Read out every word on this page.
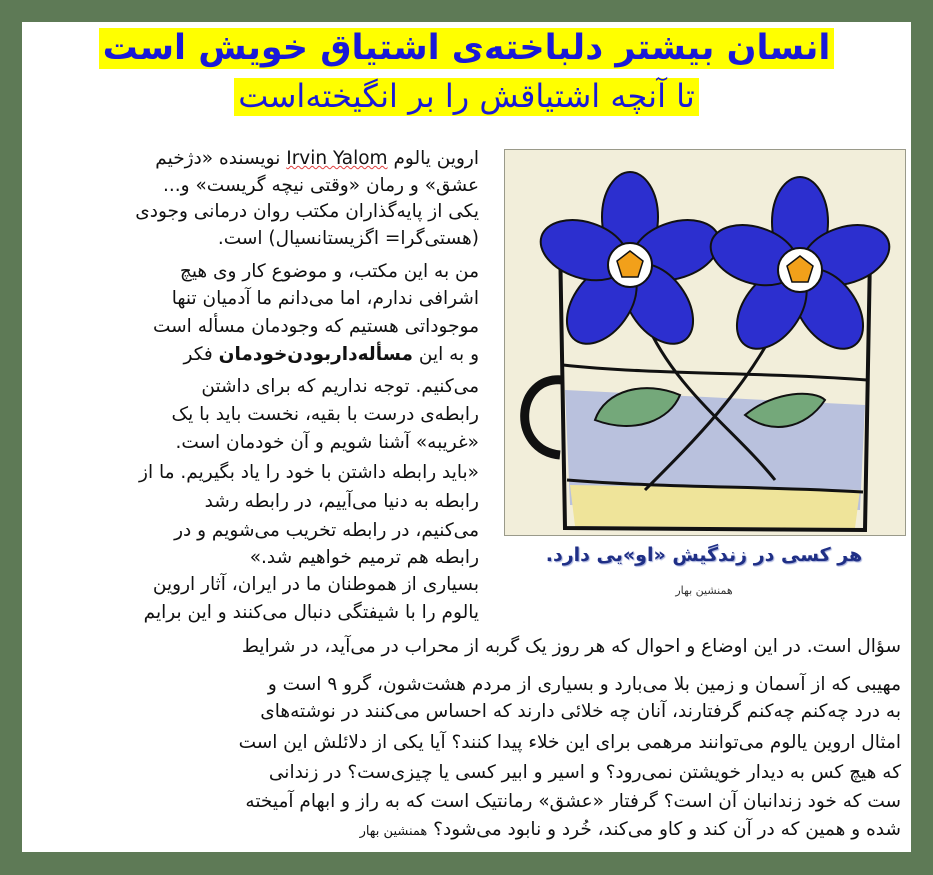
انسان بیشتر دلباخته‌ی اشتیاق خویش است
تا آنچه اشتیاقش را بر انگیخته‌است
هر کسی در زندگیش «او»یی دارد.
همنشین بهار
اروین یالوم Irvin Yalom نویسنده «دژخیم
عشق» و رمان «وقتی نیچه گریست» و...
یکی از پایه‌گذاران مکتب روان درمانی وجودی
(هستی‌گرا= اگزیستانسیال) است.
من به این مکتب، و موضوع کار وی هیچ
اشرافی ندارم، اما می‌دانم ما آدمیان تنها
موجوداتی هستیم که وجودمان مسأله است
و به این مسأله‌داربودن‌خودمان فکر
می‌کنیم. توجه نداریم که برای داشتن
رابطه‌ی درست با بقیه، نخست باید با یک
«غریبه» آشنا شویم و آن خودمان است.
«باید رابطه داشتن با خود را یاد بگیریم. ما از
رابطه به دنیا می‌آییم، در رابطه رشد
می‌کنیم، در رابطه تخریب می‌شویم و در
رابطه هم ترمیم خواهیم شد.»
بسیاری از هموطنان ما در ایران، آثار اروین
یالوم را با شیفتگی دنبال می‌کنند و این برایم
سؤال است. در این اوضاع و احوال که هر روز یک گربه از محراب در می‌آید، در شرایط
مهیبی که از آسمان و زمین بلا می‌بارد و بسیاری از مردم هشت‌شون، گرو ۹ است و
به درد چه‌کنم چه‌کنم گرفتارند، آنان چه خلائی دارند که احساس می‌کنند در نوشته‌های
امثال اروین یالوم می‌توانند مرهمی برای این خلاء پیدا کنند؟ آیا یکی از دلائلش این است
که هیچ کس به دیدار خویشتن نمی‌رود؟ و اسیر و ابیر کسی یا چیزی‌ست؟ در زندانی
ست که خود زندانبان آن است؟ گرفتار «عشق» رمانتیک است که به راز و ابهام آمیخته
شده و همین که در آن کند و کاو می‌کند، خُرد و نابود می‌شود؟ همنشین بهار
